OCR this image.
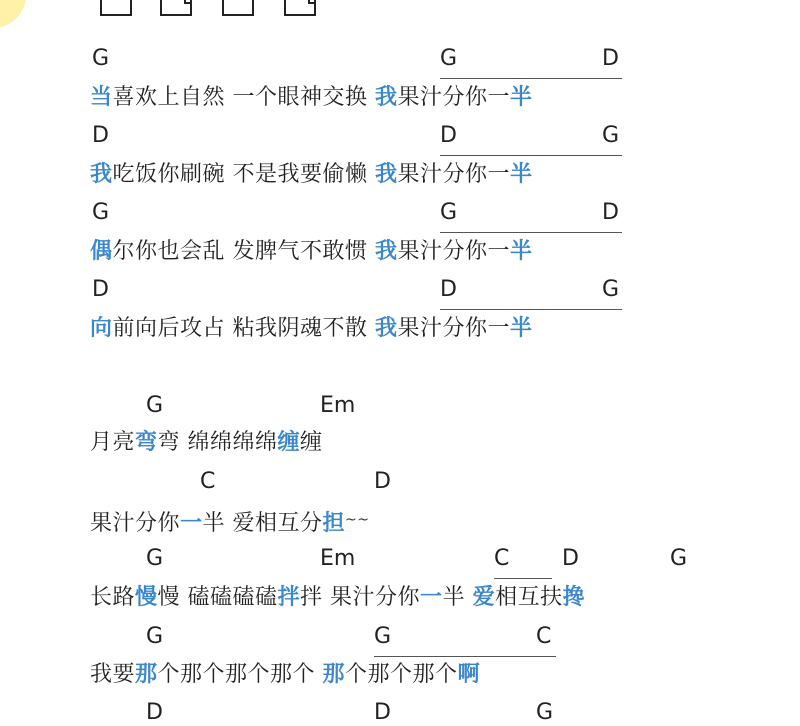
G	G	D
当喜欢上自然 一个眼神交换 我果汁分你一半
D	D	G
我吃饭你刷碗 不是我要偷懒 我果汁分你一半
G	G	D
偶尔你也会乱 发脾气不敢惯 我果汁分你一半
D	D	G
向前向后攻占 粘我阴魂不散 我果汁分你一半
G	Em
月亮弯弯 绵绵绵绵缠缠
C	D
果汁分你一半 爱相互分担~~
G	Em	C D	G
长路慢慢 磕磕磕磕拌拌 果汁分你一半 爱相互扶搀
G	G	C
我要那个那个那个那个 那个那个那个啊
D	D	G
